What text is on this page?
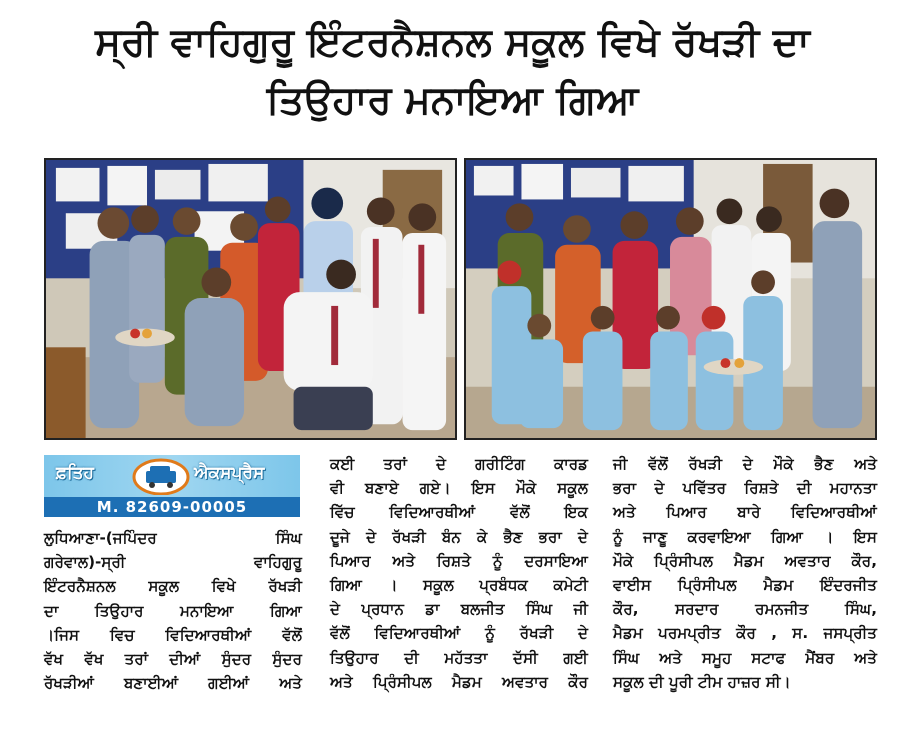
ਸ੍ਰੀ ਵਾਹਿਗੁਰੂ ਇੰਟਰਨੈਸ਼ਨਲ ਸਕੂਲ ਵਿਖੇ ਰੱਖੜੀ ਦਾ
ਤਿਉਹਾਰ ਮਨਾਇਆ ਗਿਆ
ਫ਼ਤਿਹ	ਐਕਸਪ੍ਰੈਸ
M. 82609-00005
ਲੁਧਿਆਣਾ-(ਜਪਿੰਦਰ ਸਿੰਘ
ਗਰੇਵਾਲ)-ਸ੍ਰੀ ਵਾਹਿਗੁਰੂ
ਇੰਟਰਨੈਸ਼ਨਲ ਸਕੂਲ ਵਿਖੇ ਰੱਖੜੀ
ਦਾ ਤਿਉਹਾਰ ਮਨਾਇਆ ਗਿਆ
।ਜਿਸ ਵਿਚ ਵਿਦਿਆਰਥੀਆਂ ਵੱਲੋਂ
ਵੱਖ ਵੱਖ ਤਰਾਂ ਦੀਆਂ ਸੁੰਦਰ ਸੁੰਦਰ
ਰੱਖੜੀਆਂ ਬਣਾਈਆਂ ਗਈਆਂ ਅਤੇ
ਕਈ ਤਰਾਂ ਦੇ ਗਰੀਟਿੰਗ ਕਾਰਡ
ਵੀ ਬਣਾਏ ਗਏ। ਇਸ ਮੌਕੇ ਸਕੂਲ
ਵਿੱਚ ਵਿਦਿਆਰਥੀਆਂ ਵੱਲੋਂ ਇਕ
ਦੂਜੇ ਦੇ ਰੱਖੜੀ ਬੰਨ ਕੇ ਭੈਣ ਭਰਾ ਦੇ
ਪਿਆਰ ਅਤੇ ਰਿਸ਼ਤੇ ਨੂੰ ਦਰਸਾਇਆ
ਗਿਆ । ਸਕੂਲ ਪ੍ਰਬੰਧਕ ਕਮੇਟੀ
ਦੇ ਪ੍ਰਧਾਨ ਡਾ ਬਲਜੀਤ ਸਿੰਘ ਜੀ
ਵੱਲੋਂ ਵਿਦਿਆਰਥੀਆਂ ਨੂੰ ਰੱਖੜੀ ਦੇ
ਤਿਉਹਾਰ ਦੀ ਮਹੱਤਤਾ ਦੱਸੀ ਗਈ
ਅਤੇ ਪ੍ਰਿੰਸੀਪਲ ਮੈਡਮ ਅਵਤਾਰ ਕੌਰ
ਜੀ ਵੱਲੋਂ ਰੱਖੜੀ ਦੇ ਮੌਕੇ ਭੈਣ ਅਤੇ
ਭਰਾ ਦੇ ਪਵਿੱਤਰ ਰਿਸ਼ਤੇ ਦੀ ਮਹਾਨਤਾ
ਅਤੇ ਪਿਆਰ ਬਾਰੇ ਵਿਦਿਆਰਥੀਆਂ
ਨੂੰ ਜਾਣੂ ਕਰਵਾਇਆ ਗਿਆ । ਇਸ
ਮੌਕੇ ਪ੍ਰਿੰਸੀਪਲ ਮੈਡਮ ਅਵਤਾਰ ਕੌਰ,
ਵਾਈਸ ਪ੍ਰਿੰਸੀਪਲ ਮੈਡਮ ਇੰਦਰਜੀਤ
ਕੌਰ, ਸਰਦਾਰ ਰਮਨਜੀਤ ਸਿੰਘ,
ਮੈਡਮ ਪਰਮਪ੍ਰੀਤ ਕੌਰ , ਸ. ਜਸਪ੍ਰੀਤ
ਸਿੰਘ ਅਤੇ ਸਮੂਹ ਸਟਾਫ ਮੈਂਬਰ ਅਤੇ
ਸਕੂਲ ਦੀ ਪੂਰੀ ਟੀਮ ਹਾਜ਼ਰ ਸੀ।
